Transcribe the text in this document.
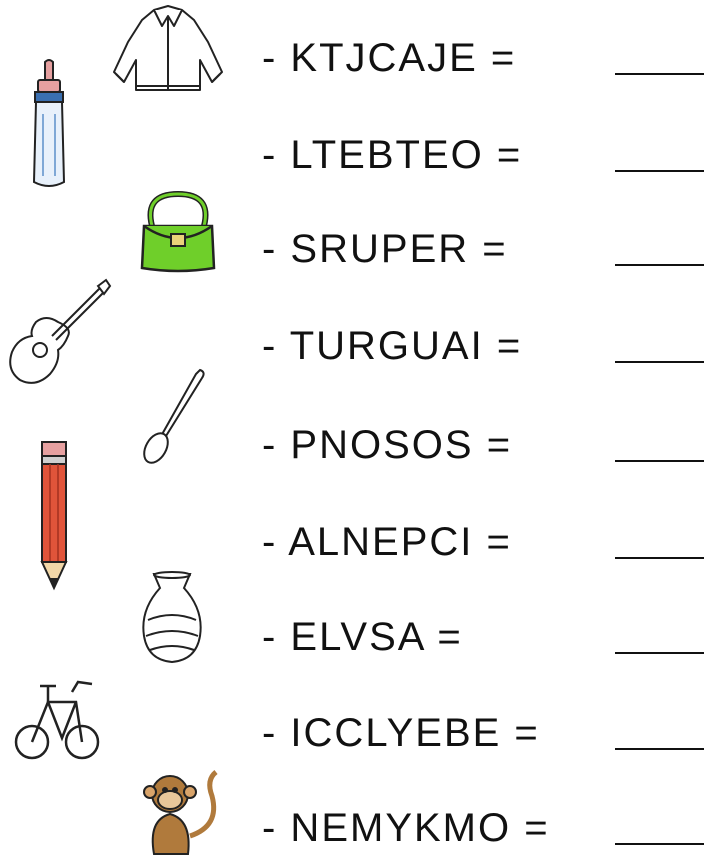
- KTJCAJE =
- LTEBTEO =
- SRUPER =
- TURGUAI =
- PNOSOS =
- ALNEPCI =
- ELVSA =
- ICCLYEBE =
- NEMYKMO =
